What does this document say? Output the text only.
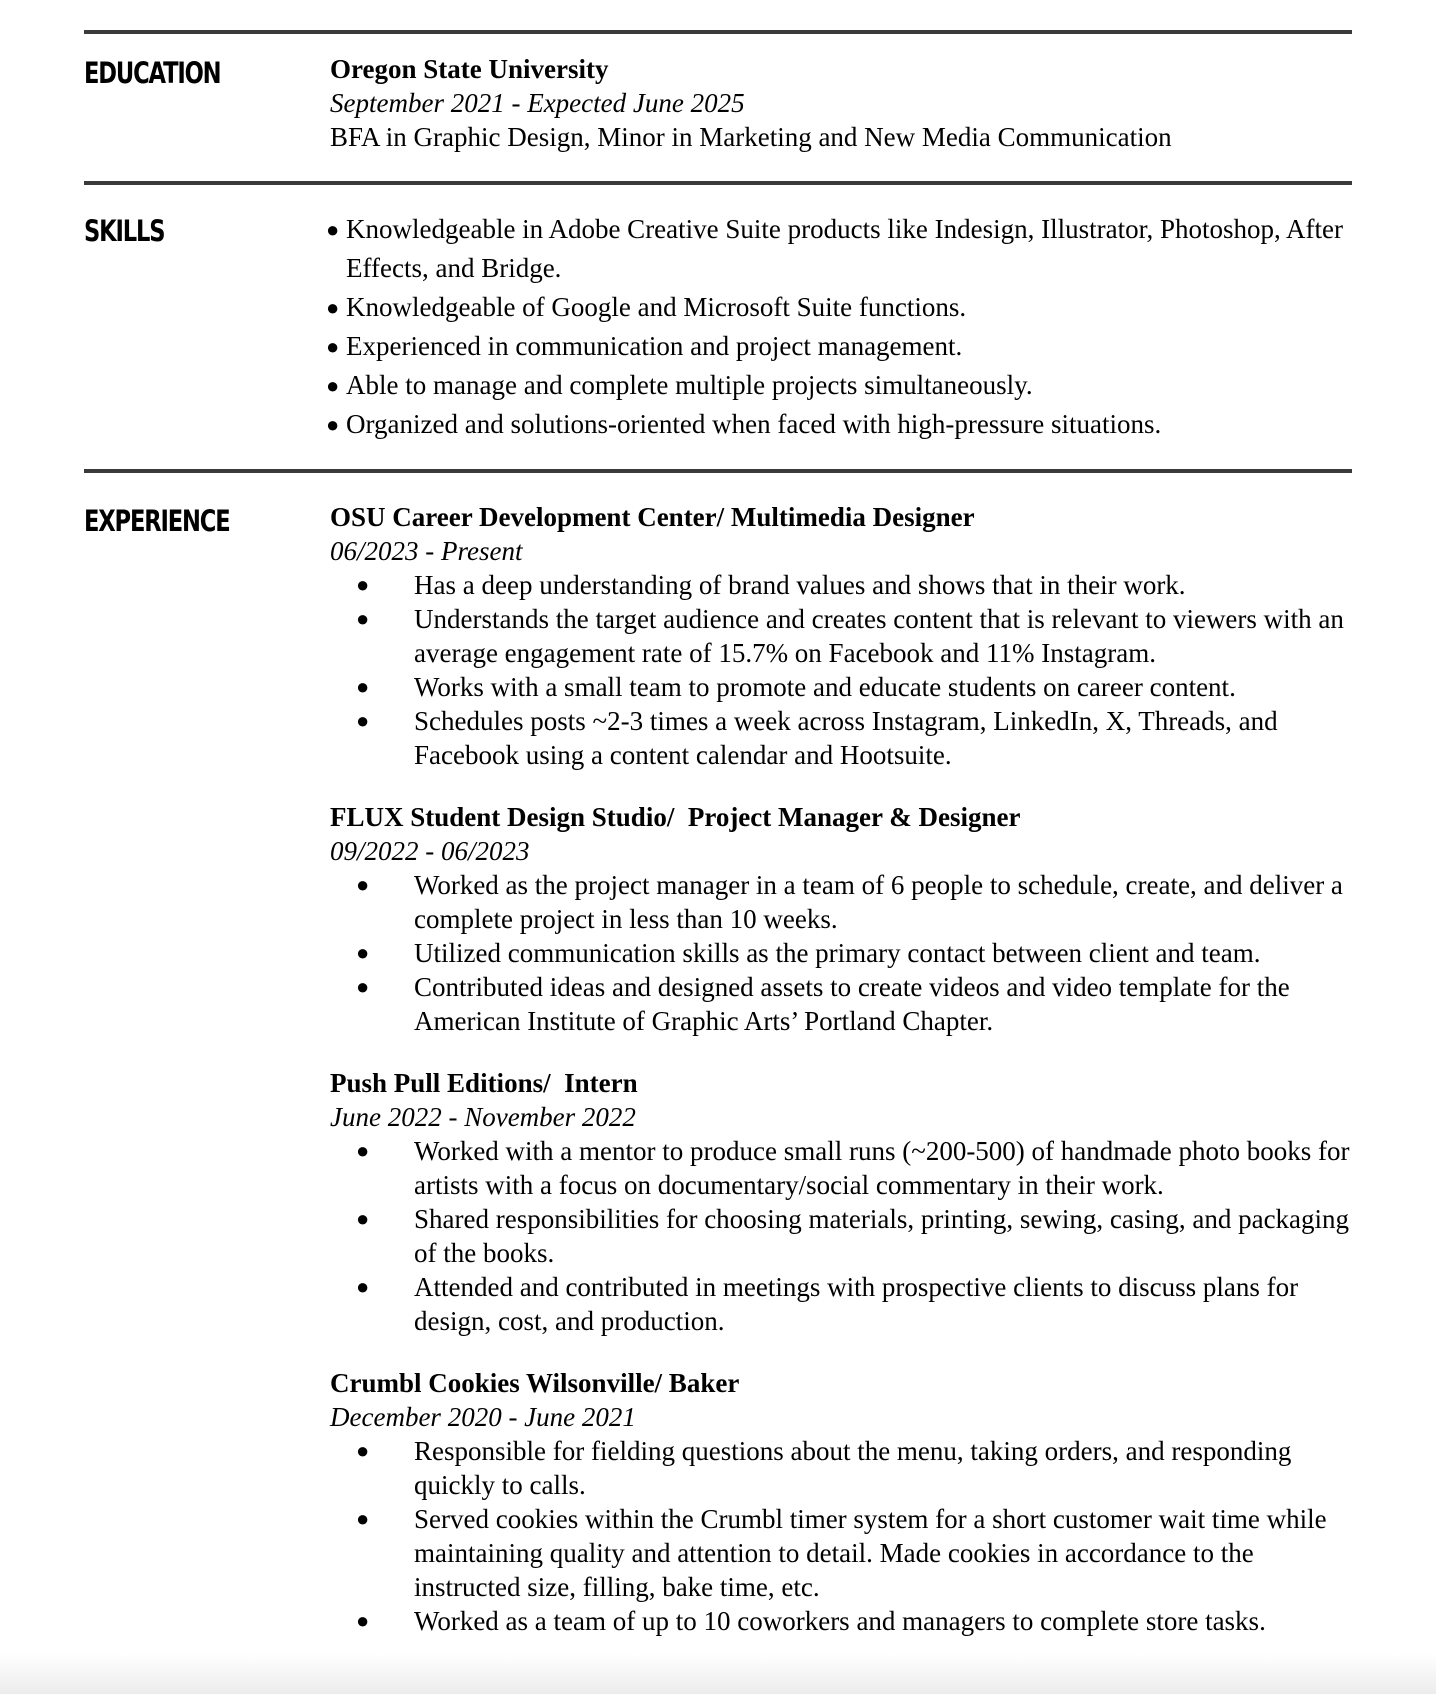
EDUCATION	Oregon State University
September 2021 - Expected June 2025
BFA in Graphic Design, Minor in Marketing and New Media Communication
SKILLS	● Knowledgeable in Adobe Creative Suite products like Indesign, Illustrator, Photoshop, After Effects, and Bridge.
● Knowledgeable of Google and Microsoft Suite functions.
● Experienced in communication and project management.
● Able to manage and complete multiple projects simultaneously.
● Organized and solutions-oriented when faced with high-pressure situations.
EXPERIENCE	OSU Career Development Center/ Multimedia Designer
06/2023 - Present
● Has a deep understanding of brand values and shows that in their work.
● Understands the target audience and creates content that is relevant to viewers with an average engagement rate of 15.7% on Facebook and 11% Instagram.
● Works with a small team to promote and educate students on career content.
● Schedules posts ~2-3 times a week across Instagram, LinkedIn, X, Threads, and Facebook using a content calendar and Hootsuite.
FLUX Student Design Studio/  Project Manager & Designer
09/2022 - 06/2023
● Worked as the project manager in a team of 6 people to schedule, create, and deliver a complete project in less than 10 weeks.
● Utilized communication skills as the primary contact between client and team.
● Contributed ideas and designed assets to create videos and video template for the American Institute of Graphic Arts’ Portland Chapter.
Push Pull Editions/  Intern
June 2022 - November 2022
● Worked with a mentor to produce small runs (~200-500) of handmade photo books for artists with a focus on documentary/social commentary in their work.
● Shared responsibilities for choosing materials, printing, sewing, casing, and packaging of the books.
● Attended and contributed in meetings with prospective clients to discuss plans for design, cost, and production.
Crumbl Cookies Wilsonville/ Baker
December 2020 - June 2021
● Responsible for fielding questions about the menu, taking orders, and responding quickly to calls.
● Served cookies within the Crumbl timer system for a short customer wait time while maintaining quality and attention to detail. Made cookies in accordance to the instructed size, filling, bake time, etc.
● Worked as a team of up to 10 coworkers and managers to complete store tasks.
